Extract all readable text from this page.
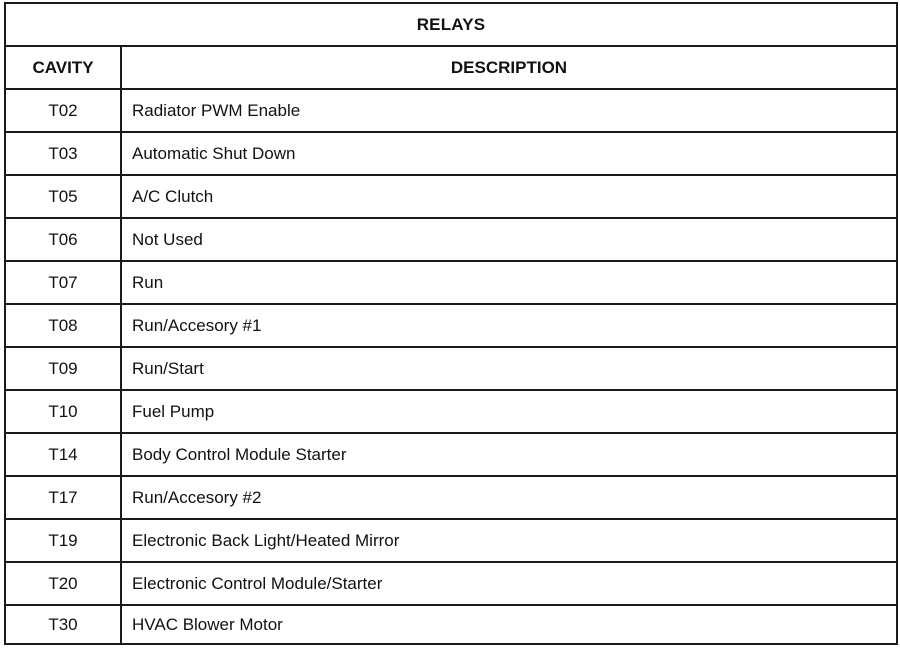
RELAYS
CAVITY	DESCRIPTION
T02	Radiator PWM Enable
T03	Automatic Shut Down
T05	A/C Clutch
T06	Not Used
T07	Run
T08	Run/Accesory #1
T09	Run/Start
T10	Fuel Pump
T14	Body Control Module Starter
T17	Run/Accesory #2
T19	Electronic Back Light/Heated Mirror
T20	Electronic Control Module/Starter
T30	HVAC Blower Motor
